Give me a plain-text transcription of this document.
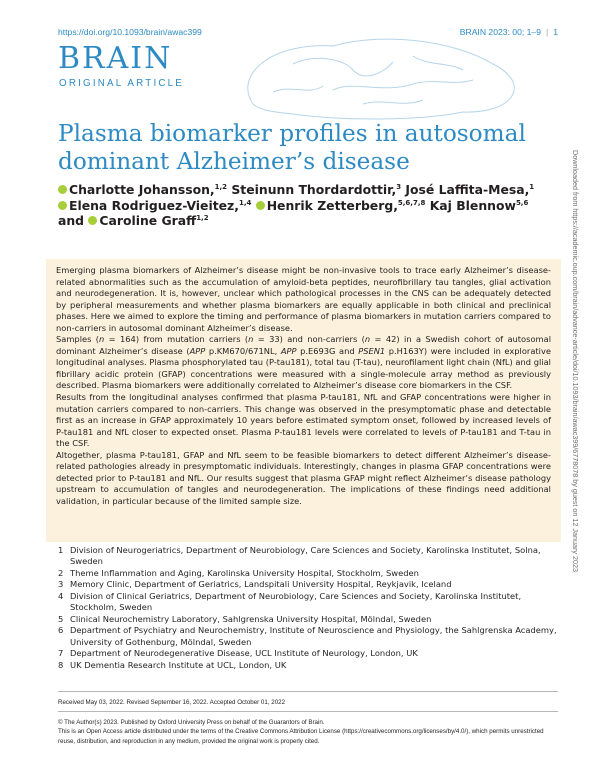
https://doi.org/10.1093/brain/awac399	BRAIN 2023: 00; 1–9 | 1
BRAIN
ORIGINAL ARTICLE
Plasma biomarker profiles in autosomal dominant Alzheimer’s disease
Charlotte Johansson,$^{1,2}$ Steinunn Thordardottir,$^3$ José Laffita-Mesa,$^1$
Elena Rodriguez-Vieitez,$^{1,4}$ Henrik Zetterberg,$^{5,6,7,8}$ Kaj Blennow$^{5,6}$
and Caroline Graff$^{1,2}$	Downloaded from https://academic.oup.com/brain/advance-article/doi/10.1093/brain/awac399/6778078 by guest on 12 January 2023

Emerging plasma biomarkers of Alzheimer’s disease might be non-invasive tools to trace early Alzheimer’s disease-related abnormalities such as the accumulation of amyloid-beta peptides, neurofibrillary tau tangles, glial activation and neurodegeneration. It is, however, unclear which pathological processes in the CNS can be adequately detected by peripheral measurements and whether plasma biomarkers are equally applicable in both clinical and preclinical phases. Here we aimed to explore the timing and performance of plasma biomarkers in mutation carriers compared to non-carriers in autosomal dominant Alzheimer’s disease.

Samples (n = 164) from mutation carriers (n = 33) and non-carriers (n = 42) in a Swedish cohort of autosomal dominant Alzheimer’s disease (APP p.KM670/671NL, APP p.E693G and PSEN1 p.H163Y) were included in explorative longitudinal analyses. Plasma phosphorylated tau (P-tau181), total tau (T-tau), neurofilament light chain (NfL) and glial fibrillary acidic protein (GFAP) concentrations were measured with a single-molecule array method as previously described. Plasma biomarkers were additionally correlated to Alzheimer’s disease core biomarkers in the CSF.

Results from the longitudinal analyses confirmed that plasma P-tau181, NfL and GFAP concentrations were higher in mutation carriers compared to non-carriers. This change was observed in the presymptomatic phase and detectable first as an increase in GFAP approximately 10 years before estimated symptom onset, followed by increased levels of P-tau181 and NfL closer to expected onset. Plasma P-tau181 levels were correlated to levels of P-tau181 and T-tau in the CSF.

Altogether, plasma P-tau181, GFAP and NfL seem to be feasible biomarkers to detect different Alzheimer’s disease-related pathologies already in presymptomatic individuals. Interestingly, changes in plasma GFAP concentrations were detected prior to P-tau181 and NfL. Our results suggest that plasma GFAP might reflect Alzheimer’s disease pathology upstream to accumulation of tangles and neurodegeneration. The implications of these findings need additional validation, in particular because of the limited sample size.

1 Division of Neurogeriatrics, Department of Neurobiology, Care Sciences and Society, Karolinska Institutet, Solna, Sweden
2 Theme Inflammation and Aging, Karolinska University Hospital, Stockholm, Sweden
3 Memory Clinic, Department of Geriatrics, Landspitali University Hospital, Reykjavik, Iceland
4 Division of Clinical Geriatrics, Department of Neurobiology, Care Sciences and Society, Karolinska Institutet, Stockholm, Sweden
5 Clinical Neurochemistry Laboratory, Sahlgrenska University Hospital, Mölndal, Sweden
6 Department of Psychiatry and Neurochemistry, Institute of Neuroscience and Physiology, the Sahlgrenska Academy, University of Gothenburg, Mölndal, Sweden
7 Department of Neurodegenerative Disease, UCL Institute of Neurology, London, UK
8 UK Dementia Research Institute at UCL, London, UK

Received May 03, 2022. Revised September 16, 2022. Accepted October 01, 2022

© The Author(s) 2023. Published by Oxford University Press on behalf of the Guarantors of Brain.

This is an Open Access article distributed under the terms of the Creative Commons Attribution License (https://creativecommons.org/licenses/by/4.0/), which permits unrestricted reuse, distribution, and reproduction in any medium, provided the original work is properly cited.
